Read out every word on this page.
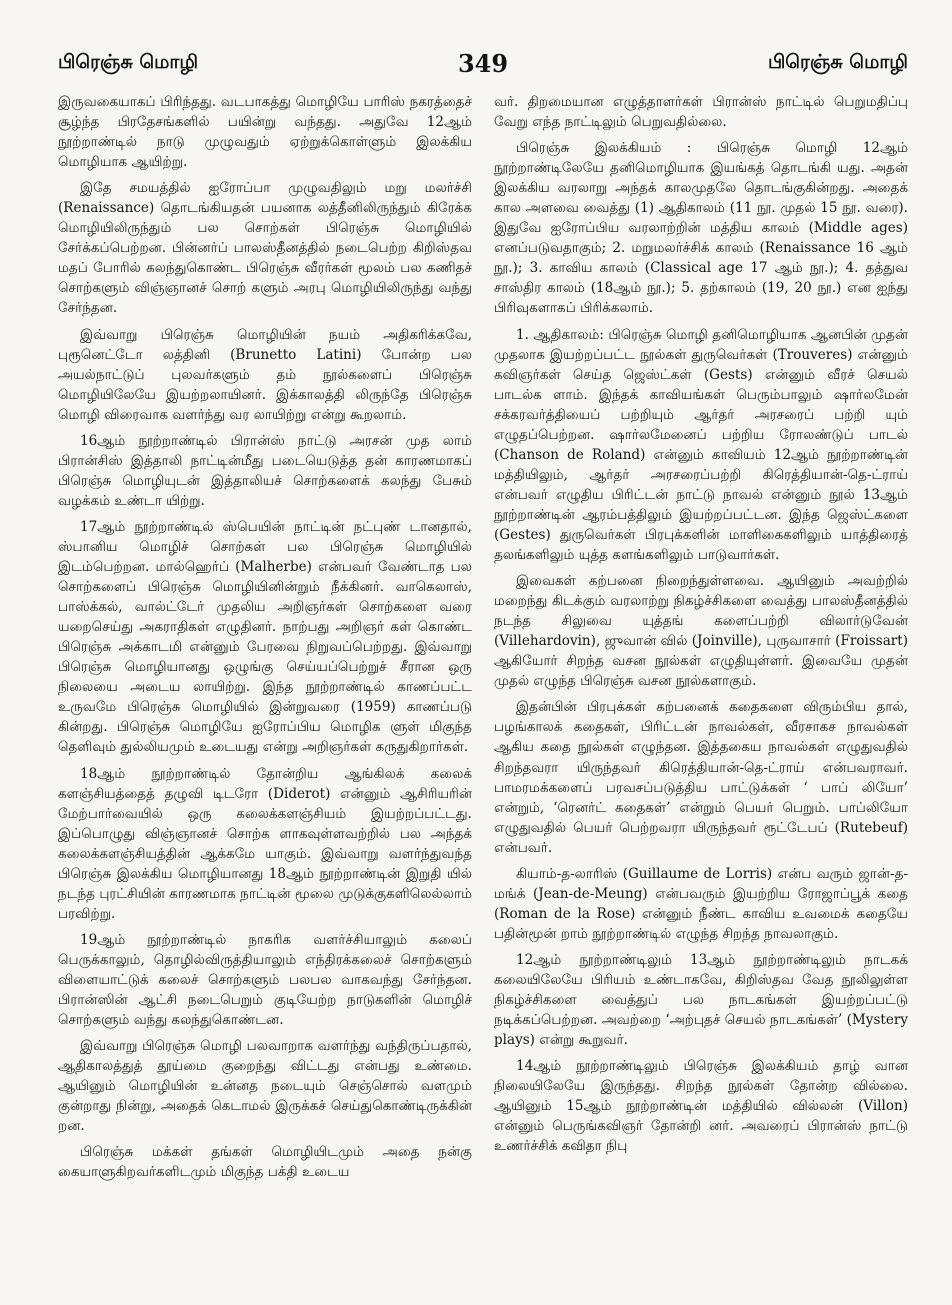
பிரெஞ்சு மொழி	349	பிரெஞ்சு மொழி

இருவகையாகப் பிரிந்தது. வடபாகத்து மொழியே பாரிஸ் நகரத்தைச் சூழ்ந்த பிரதேசங்களில் பயின்று வந்தது. அதுவே 12ஆம் நூற்றாண்டில் நாடு முழுவதும் ஏற்றுக்கொள்ளும் இலக்கிய மொழியாக ஆயிற்று.

இதே சமயத்தில் ஐரோப்பா முழுவதிலும் மறு மலர்ச்சி (Renaissance) தொடங்கியதன் பயனாக லத்தீனிலிருந்தும் கிரேக்க மொழியிலிருந்தும் பல சொற்கள் பிரெஞ்சு மொழியில் சேர்க்கப்பெற்றன. பின்னர்ப் பாலஸ்தீனத்தில் நடைபெற்ற கிறிஸ்தவ மதப் போரில் கலந்துகொண்ட பிரெஞ்சு வீரர்கள் மூலம் பல கணிதச் சொற்களும் விஞ்ஞானச் சொற் களும் அரபு மொழியிலிருந்து வந்து சேர்ந்தன.

இவ்வாறு பிரெஞ்சு மொழியின் நயம் அதிகரிக்கவே, புரூனெட்டோ லத்தினி (Brunetto Latini) போன்ற பல அயல்நாட்டுப் புலவர்களும் தம் நூல்களைப் பிரெஞ்சு மொழியிலேயே இயற்றலாயினர். இக்காலத்தி லிருந்தே பிரெஞ்சு மொழி விரைவாக வளர்ந்து வர லாயிற்று என்று கூறலாம்.

16ஆம் நூற்றாண்டில் பிரான்ஸ் நாட்டு அரசன் முத லாம் பிரான்சிஸ் இத்தாலி நாட்டின்மீது படையெடுத்த தன் காரணமாகப் பிரெஞ்சு மொழியுடன் இத்தாலியச் சொற்களைக் கலந்து பேசும் வழக்கம் உண்டா யிற்று.

17ஆம் நூற்றாண்டில் ஸ்பெயின் நாட்டின் நட்புண் டானதால், ஸ்பானிய மொழிச் சொற்கள் பல பிரெஞ்சு மொழியில் இடம்பெற்றன. மால்ஹெர்ப் (Malherbe) என்பவர் வேண்டாத பல சொற்களைப் பிரெஞ்சு மொழியினின்றும் நீக்கினர். வாகெலாஸ், பாஸ்க்கல், வால்ட்டேர் முதலிய அறிஞர்கள் சொற்களை வரை யறைசெய்து அகராதிகள் எழுதினர். நாற்பது அறிஞர் கள் கொண்ட பிரெஞ்சு அக்காடமி என்னும் பேரவை நிறுவப்பெற்றது. இவ்வாறு பிரெஞ்சு மொழியானது ஒழுங்கு செய்யப்பெற்றுச் சீரான ஒரு நிலையை அடைய லாயிற்று. இந்த நூற்றாண்டில் காணப்பட்ட உருவமே பிரெஞ்சு மொழியில் இன்றுவரை (1959) காணப்படு கின்றது. பிரெஞ்சு மொழியே ஐரோப்பிய மொழிக ளுள் மிகுந்த தெளிவும் துல்லியமும் உடையது என்று அறிஞர்கள் கருதுகிறார்கள்.

18ஆம் நூற்றாண்டில் தோன்றிய ஆங்கிலக் கலைக் களஞ்சியத்தைத் தழுவி டிடரோ (Diderot) என்னும் ஆசிரியரின் மேற்பார்வையில் ஒரு கலைக்களஞ்சியம் இயற்றப்பட்டது. இப்பொழுது விஞ்ஞானச் சொற்க ளாகவுள்ளவற்றில் பல அந்தக் கலைக்களஞ்சியத்தின் ஆக்கமே யாகும். இவ்வாறு வளர்ந்துவந்த பிரெஞ்சு இலக்கிய மொழியானது 18ஆம் நூற்றாண்டின் இறுதி யில் நடந்த புரட்சியின் காரணமாக நாட்டின் மூலை முடுக்குகளிலெல்லாம் பரவிற்று.

19ஆம் நூற்றாண்டில் நாகரிக வளர்ச்சியாலும் கலைப் பெருக்காலும், தொழில்விருத்தியாலும் எந்திரக்கலைச் சொற்களும் விளையாட்டுக் கலைச் சொற்களும் பலபல வாகவந்து சேர்ந்தன. பிரான்ஸின் ஆட்சி நடைபெறும் குடியேற்ற நாடுகளின் மொழிச் சொற்களும் வந்து கலந்துகொண்டன.

இவ்வாறு பிரெஞ்சு மொழி பலவாறாக வளர்ந்து வந்திருப்பதால், ஆதிகாலத்துத் தூய்மை குறைந்து விட்டது என்பது உண்மை. ஆயினும் மொழியின் உன்னத நடையும் செஞ்சொல் வளமும் குன்றாது நின்று, அதைக் கெடாமல் இருக்கச் செய்துகொண்டிருக்கின் றன.

பிரெஞ்சு மக்கள் தங்கள் மொழியிடமும் அதை நன்கு கையாளுகிறவர்களிடமும் மிகுந்த பக்தி உடைய

வர். திறமையான எழுத்தாளர்கள் பிரான்ஸ் நாட்டில் பெறுமதிப்பு வேறு எந்த நாட்டிலும் பெறுவதில்லை.

பிரெஞ்சு இலக்கியம் : பிரெஞ்சு மொழி 12ஆம் நூற்றாண்டிலேயே தனிமொழியாக இயங்கத் தொடங்கி யது. அதன் இலக்கிய வரலாறு அந்தக் காலமுதலே தொடங்குகின்றது. அதைக் கால அளவை வைத்து (1) ஆதிகாலம் (11 நூ. முதல் 15 நூ. வரை). இதுவே ஐரோப்பிய வரலாற்றின் மத்திய காலம் (Middle ages) எனப்படுவதாகும்; 2. மறுமலர்ச்சிக் காலம் (Renaissance 16 ஆம் நூ.); 3. காவிய காலம் (Classical age 17 ஆம் நூ.); 4. தத்துவ சாஸ்திர காலம் (18ஆம் நூ.); 5. தற்காலம் (19, 20 நூ.) என ஐந்து பிரிவுகளாகப் பிரிக்கலாம்.

1. ஆதிகாலம்: பிரெஞ்சு மொழி தனிமொழியாக ஆனபின் முதன் முதலாக இயற்றப்பட்ட நூல்கள் துருவெர்கள் (Trouveres) என்னும் கவிஞர்கள் செய்த ஜெஸ்ட்கள் (Gests) என்னும் வீரச் செயல் பாடல்க ளாம். இந்தக் காவியங்கள் பெரும்பாலும் ஷார்லமேன் சக்கரவர்த்தியைப் பற்றியும் ஆர்தர் அரசரைப் பற்றி யும் எழுதப்பெற்றன. ஷார்லமேனைப் பற்றிய ரோலண்டுப் பாடல் (Chanson de Roland) என்னும் காவியம் 12ஆம் நூற்றாண்டின் மத்தியிலும், ஆர்தர் அரசரைப்பற்றி கிரெத்தியான்-தெ-ட்ராய் என்பவர் எழுதிய பிரிட்டன் நாட்டு நாவல் என்னும் நூல் 13ஆம் நூற்றாண்டின் ஆரம்பத்திலும் இயற்றப்பட்டன. இந்த ஜெஸ்ட்களை (Gestes) துருவெர்கள் பிரபுக்களின் மாளிகைகளிலும் யாத்திரைத் தலங்களிலும் யுத்த களங்களிலும் பாடுவார்கள்.

இவைகள் கற்பனை நிறைந்துள்ளவை. ஆயினும் அவற்றில் மறைந்து கிடக்கும் வரலாற்று நிகழ்ச்சிகளை வைத்து பாலஸ்தீனத்தில் நடந்த சிலுவை யுத்தங் களைப்பற்றி விலார்டுவேன் (Villehardovin), ஜுவான் வில் (Joinville), புருவாசார் (Froissart) ஆகியோர் சிறந்த வசன நூல்கள் எழுதியுள்ளர். இவையே முதன் முதல் எழுந்த பிரெஞ்சு வசன நூல்களாகும்.

இதன்பின் பிரபுக்கள் கற்பனைக் கதைகளை விரும்பிய தால், பழங்காலக் கதைகள், பிரிட்டன் நாவல்கள், வீரசாகச நாவல்கள் ஆகிய கதை நூல்கள் எழுந்தன. இத்தகைய நாவல்கள் எழுதுவதில் சிறந்தவரா யிருந்தவர் கிரெத்தியான்-தெ-ட்ராய் என்பவராவர். பாமரமக்களைப் பரவசப்படுத்திய பாட்டுக்கள் ‘ பாப் லியோ’ என்றும், ‘ரெனர்ட் கதைகள்’ என்றும் பெயர் பெறும். பாப்லியோ எழுதுவதில் பெயர் பெற்றவரா யிருந்தவர் ரூட்டேபப் (Rutebeuf) என்பவர்.

கியாம்-த-லாரிஸ் (Guillaume de Lorris) என்ப வரும் ஜான்-த-மங்க் (Jean-de-Meung) என்பவரும் இயற்றிய ரோஜாப்பூக் கதை (Roman de la Rose) என்னும் நீண்ட காவிய உவமைக் கதையே பதின்மூன் றாம் நூற்றாண்டில் எழுந்த சிறந்த நாவலாகும்.

12ஆம் நூற்றாண்டிலும் 13ஆம் நூற்றாண்டிலும் நாடகக் கலையிலேயே பிரியம் உண்டாகவே, கிறிஸ்தவ வேத நூலிலுள்ள நிகழ்ச்சிகளை வைத்துப் பல நாடகங்கள் இயற்றப்பட்டு நடிக்கப்பெற்றன. அவற்றை ‘அற்புதச் செயல் நாடகங்கள்’ (Mystery plays) என்று கூறுவர்.

14ஆம் நூற்றாண்டிலும் பிரெஞ்சு இலக்கியம் தாழ் வான நிலையிலேயே இருந்தது. சிறந்த நூல்கள் தோன்ற வில்லை. ஆயினும் 15ஆம் நூற்றாண்டின் மத்தியில் வில்லன் (Villon) என்னும் பெருங்கவிஞர் தோன்றி னர். அவரைப் பிரான்ஸ் நாட்டு உணர்ச்சிக் கவிதா நிபு
